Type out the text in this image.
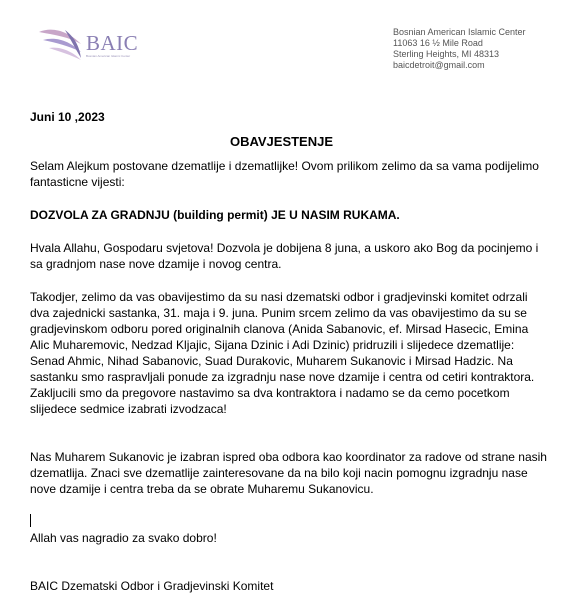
BAIC
Bosnian American Islamic Center
Bosnian American Islamic Center
11063 16 ½ Mile Road
Sterling Heights, MI 48313
baicdetroit@gmail.com
Juni 10 ,2023
OBAVJESTENJE

Selam Alejkum postovane dzematlije i dzematlijke! Ovom prilikom zelimo da sa vama podijelimo fantasticne vijesti:

DOZVOLA ZA GRADNJU (building permit) JE U NASIM RUKAMA.

Hvala Allahu, Gospodaru svjetova! Dozvola je dobijena 8 juna, a uskoro ako Bog da pocinjemo i sa gradnjom nase nove dzamije i novog centra.

Takodjer, zelimo da vas obavijestimo da su nasi dzematski odbor i gradjevinski komitet odrzali dva zajednicki sastanka, 31. maja i 9. juna. Punim srcem zelimo da vas obavijestimo da su se gradjevinskom odboru pored originalnih clanova (Anida Sabanovic, ef. Mirsad Hasecic, Emina Alic Muharemovic, Nedzad Kljajic, Sijana Dzinic i Adi Dzinic) pridruzili i slijedece dzematlije: Senad Ahmic, Nihad Sabanovic, Suad Durakovic, Muharem Sukanovic i Mirsad Hadzic. Na sastanku smo raspravljali ponude za izgradnju nase nove dzamije i centra od cetiri kontraktora. Zakljucili smo da pregovore nastavimo sa dva kontraktora i nadamo se da cemo pocetkom slijedece sedmice izabrati izvodzaca!

Nas Muharem Sukanovic je izabran ispred oba odbora kao koordinator za radove od strane nasih dzematlija. Znaci sve dzematlije zainteresovane da na bilo koji nacin pomognu izgradnju nase nove dzamije i centra treba da se obrate Muharemu Sukanovicu.

Allah vas nagradio za svako dobro!

BAIC Dzematski Odbor i Gradjevinski Komitet
